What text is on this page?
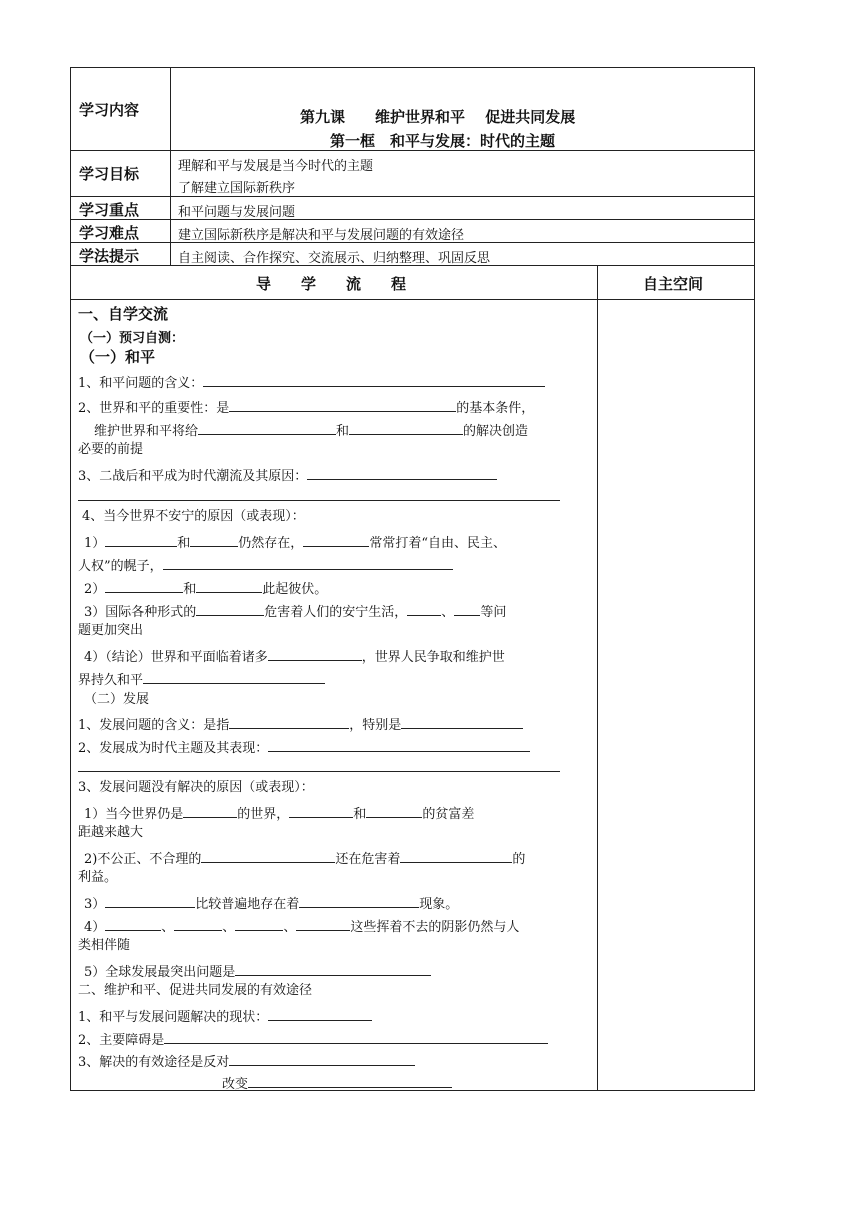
学习内容	第九课　　维护世界和平　 促进共同发展
第一框　和平与发展：时代的主题
学习目标	理解和平与发展是当今时代的主题
了解建立国际新秩序
学习重点	和平问题与发展问题
学习难点	建立国际新秩序是解决和平与发展问题的有效途径
学法提示	自主阅读、合作探究、交流展示、归纳整理、巩固反思
导　　学　　流　　程	自主空间
一、自学交流
（一）预习自测：
（一）和平
1、和平问题的含义：
2、世界和平的重要性：是	的基本条件，
维护世界和平将给	和	的解决创造
必要的前提
3、二战后和平成为时代潮流及其原因：
4、当今世界不安宁的原因（或表现）：
1）	和	仍然存在，	常常打着“自由、民主、
人权”的幌子，
2）	和	此起彼伏。
3）国际各种形式的	危害着人们的安宁生活，	、 等问
题更加突出
4）（结论）世界和平面临着诸多	，世界人民争取和维护世
界持久和平
（二）发展
1、发展问题的含义：是指	，特别是
2、发展成为时代主题及其表现：
3、发展问题没有解决的原因（或表现）：
1）当今世界仍是	的世界，	和	的贫富差
距越来越大
2)不公正、不合理的	还在危害着	的
利益。
3）	比较普遍地存在着	现象。
4）	、	、	、	这些挥着不去的阴影仍然与人
类相伴随
5）全球发展最突出问题是
二、维护和平、促进共同发展的有效途径
1、和平与发展问题解决的现状：
2、主要障碍是
3、解决的有效途径是反对
改变
